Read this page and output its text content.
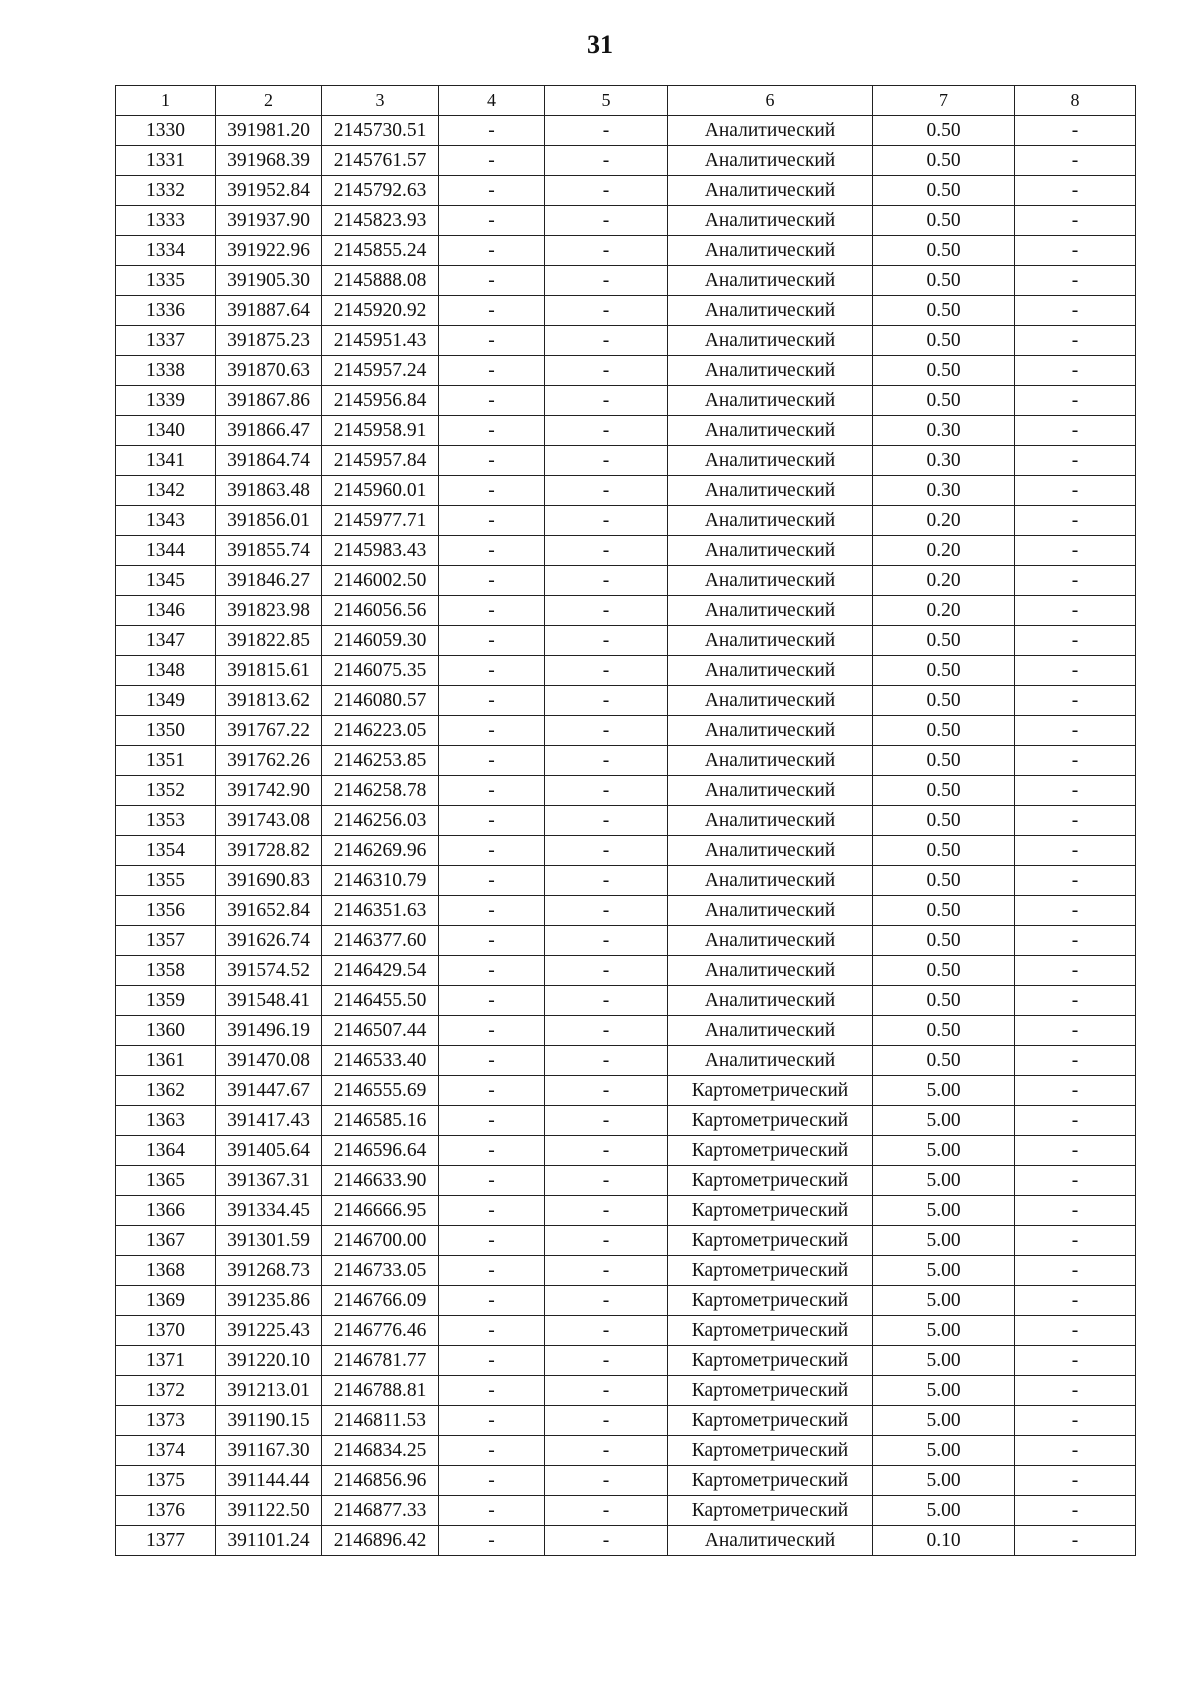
31
1	2	3	4	5	6	7	8
1330	391981.20	2145730.51	-	-	Аналитический	0.50	-
1331	391968.39	2145761.57	-	-	Аналитический	0.50	-
1332	391952.84	2145792.63	-	-	Аналитический	0.50	-
1333	391937.90	2145823.93	-	-	Аналитический	0.50	-
1334	391922.96	2145855.24	-	-	Аналитический	0.50	-
1335	391905.30	2145888.08	-	-	Аналитический	0.50	-
1336	391887.64	2145920.92	-	-	Аналитический	0.50	-
1337	391875.23	2145951.43	-	-	Аналитический	0.50	-
1338	391870.63	2145957.24	-	-	Аналитический	0.50	-
1339	391867.86	2145956.84	-	-	Аналитический	0.50	-
1340	391866.47	2145958.91	-	-	Аналитический	0.30	-
1341	391864.74	2145957.84	-	-	Аналитический	0.30	-
1342	391863.48	2145960.01	-	-	Аналитический	0.30	-
1343	391856.01	2145977.71	-	-	Аналитический	0.20	-
1344	391855.74	2145983.43	-	-	Аналитический	0.20	-
1345	391846.27	2146002.50	-	-	Аналитический	0.20	-
1346	391823.98	2146056.56	-	-	Аналитический	0.20	-
1347	391822.85	2146059.30	-	-	Аналитический	0.50	-
1348	391815.61	2146075.35	-	-	Аналитический	0.50	-
1349	391813.62	2146080.57	-	-	Аналитический	0.50	-
1350	391767.22	2146223.05	-	-	Аналитический	0.50	-
1351	391762.26	2146253.85	-	-	Аналитический	0.50	-
1352	391742.90	2146258.78	-	-	Аналитический	0.50	-
1353	391743.08	2146256.03	-	-	Аналитический	0.50	-
1354	391728.82	2146269.96	-	-	Аналитический	0.50	-
1355	391690.83	2146310.79	-	-	Аналитический	0.50	-
1356	391652.84	2146351.63	-	-	Аналитический	0.50	-
1357	391626.74	2146377.60	-	-	Аналитический	0.50	-
1358	391574.52	2146429.54	-	-	Аналитический	0.50	-
1359	391548.41	2146455.50	-	-	Аналитический	0.50	-
1360	391496.19	2146507.44	-	-	Аналитический	0.50	-
1361	391470.08	2146533.40	-	-	Аналитический	0.50	-
1362	391447.67	2146555.69	-	-	Картометрический	5.00	-
1363	391417.43	2146585.16	-	-	Картометрический	5.00	-
1364	391405.64	2146596.64	-	-	Картометрический	5.00	-
1365	391367.31	2146633.90	-	-	Картометрический	5.00	-
1366	391334.45	2146666.95	-	-	Картометрический	5.00	-
1367	391301.59	2146700.00	-	-	Картометрический	5.00	-
1368	391268.73	2146733.05	-	-	Картометрический	5.00	-
1369	391235.86	2146766.09	-	-	Картометрический	5.00	-
1370	391225.43	2146776.46	-	-	Картометрический	5.00	-
1371	391220.10	2146781.77	-	-	Картометрический	5.00	-
1372	391213.01	2146788.81	-	-	Картометрический	5.00	-
1373	391190.15	2146811.53	-	-	Картометрический	5.00	-
1374	391167.30	2146834.25	-	-	Картометрический	5.00	-
1375	391144.44	2146856.96	-	-	Картометрический	5.00	-
1376	391122.50	2146877.33	-	-	Картометрический	5.00	-
1377	391101.24	2146896.42	-	-	Аналитический	0.10	-
